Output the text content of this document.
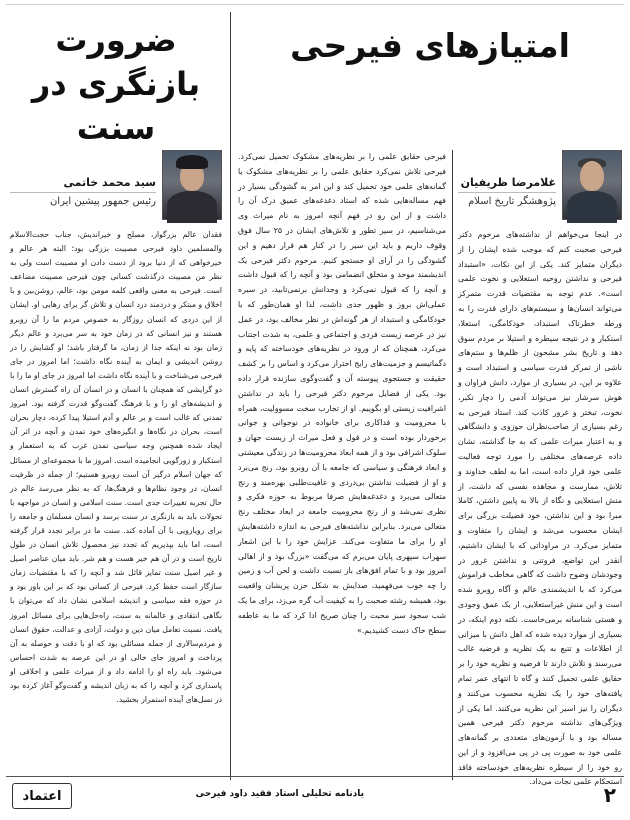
امتیازهای فیرحی
ضرورت بازنگری در سنت
غلامرضا ظریفیان
پژوهشگر تاریخ اسلام
سید محمد خاتمی
رئیس جمهور پیشین ایران

در اینجا می‌خواهم از نداشته‌های مرحوم دکتر فیرحی صحبت کنم که موجب شده ایشان را از دیگران متمایز کند. یکی از این نکات، «استبداد فیرحی و نداشتن روحیه استعلایی و نخوت علمی است». عدم توجه به مقتضیات قدرت متمرکز می‌تواند انسان‌ها و سیستم‌های دارای قدرت را به ورطه خطرناک استبداد، خودکامگی، استعلا، استکبار و در نتیجه سیطره و استیلا بر مردم سوق دهد و تاریخ بشر مشحون از ظلم‌ها و ستم‌های ناشی از تمرکز قدرت سیاسی و استبداد است و علاوه بر این، در بسیاری از موارد، دانش فراوان و هوش سرشار نیز می‌تواند آدمی را دچار تکبر، نخوت، تبختر و غرور کاذب کند. استاد فیرحی به رغم بسیاری از صاحب‌نظران حوزوی و دانشگاهی و به اعتبار میراث علمی که به جا گذاشته، نشان داده عرصه‌های مختلفی را مورد توجه فعالیت علمی خود قرار داده است، اما به لطف خداوند و تلاش، ممارست و مجاهده نفسی که داشت، از منش استعلایی و نگاه از بالا به پایین داشتن، کاملا مبرا بود و این نداشتن، خود فضیلت بزرگی برای ایشان محسوب می‌شد و ایشان را متفاوت و متمایز می‌کرد. در مراوداتی که با ایشان داشتیم، آنقدر این تواضع، فروتنی و نداشتن غرور در وجودشان وضوح داشت که گاهی مخاطب فراموش می‌کرد که با اندیشمندی عالم و آگاه روبرو شده است و این منش غیراستعلایی، از یک عمق وجودی و هستی شناسانه برمی‌خاست. نکته دوم اینکه، در بسیاری از موارد دیده شده که اهل دانش با میزانی از اطلاعات و تتبع به یک نظریه و فرضیه غالب می‌رسند و تلاش دارند تا فرضیه و نظریه خود را بر حقایق علمی تحمیل کنند و گاه تا انتهای عمر تمام یافته‌های خود را یک نظریه محسوب می‌کنند و دیگران را نیز اسیر این نظریه می‌کنند. اما یکی از ویژگی‌های نداشته مرحوم دکتر فیرحی همین مساله بود و با آزمون‌های متعددی بر گمانه‌های علمی خود به صورت پی در پی می‌افزود و از این رو خود را از سیطره نظریه‌های خودساخته فاقد استحکام علمی نجات می‌داد.

فیرحی حقایق علمی را بر نظریه‌های مشکوک تحمیل نمی‌کرد. فیرحی تلاش نمی‌کرد حقایق علمی را بر نظریه‌های مشکوک یا گمانه‌های علمی خود تحمیل کند و این امر به گشودگی بسیار در فهم مساله‌هایی شده که استاد دغدغه‌های عمیق درک آن را داشت و از این رو در فهم آنچه امروز به نام میراث وی می‌شناسیم، در سیر تطور و تلاش‌های ایشان در ۲۵ سال فوق وقوف داریم و باید این سیر را در کنار هم قرار دهیم و این گشودگی را در آرای او جستجو کنیم. مرحوم دکتر فیرحی یک اندیشمند موحد و متخلق انضمامی بود و آنچه را که قبول داشت و آنچه را که قبول نمی‌کرد و وجدانش برنمی‌تابید، در سیره عملی‌اش بروز و ظهور جدی داشت، لذا او همان‌طور که با خودکامگی و استبداد از هر گونه‌اش در نظر مخالف بود، در عمل نیز در عرصه زیست فردی و اجتماعی و علمی، به شدت اجتناب می‌کرد، همچنان که از ورود در نظریه‌های خودساخته که پایه و دگماتیسم و جزمیت‌های رایج احتراز می‌کرد و اساس را بر کشف حقیقت و جستجوی پیوسته آن و گفت‌وگوی سازنده قرار داده بود. یکی از فضایل مرحوم دکتر فیرحی را باید در نداشتن اشرافیت زیستی او بگوییم. او از تجارب سخت مسوولیت، همراه با محرومیت و فداکاری برای خانواده در نوجوانی و جوانی برخوردار بوده است و در قول و فعل میراث از زیست جهان و سلوک اشرافی بود و از همه ابعاد محرومیت‌ها در زندگی معیشتی و ابعاد فرهنگی و سیاسی که جامعه با آن روبرو بود، رنج می‌برد و او از فضیلت نداشتن بی‌دردی و عافیت‌طلبی بهره‌مند و رنج متعالی می‌برد و دغدغه‌هایش صرفا مربوط به حوزه فکری و نظری نمی‌شد و از رنج محرومیت جامعه در ابعاد مختلف رنج متعالی می‌برد. بنابراین نداشته‌های فیرحی به اندازه داشته‌هایش او را برای ما متفاوت می‌کند. عزایش خود را با این اشعار سهراب سپهری پایان می‌برم که می‌گفت «بزرگ بود و از اهالی امروز بود و با تمام افق‌های باز نسبت داشت و لحن آب و زمین را چه خوب می‌فهمید، صدایش به شکل حزن پریشان واقعیت بود، همیشه رشته صحبت را به کیفیت آب گره می‌زد، برای ما یک شب سجود سبز محبت را چنان صریح ادا کرد که ما به عاطفه سطح خاک دست کشیدیم.»

فقدان عالم بزرگوار، مصلح و خیراندیش، جناب حجت‌الاسلام والمسلمین داود فیرحی مصیبت بزرگی بود؛ البته هر عالم و خیرخواهی که از دنیا برود از دست دادن او مصیبت است ولی به نظر من مصیبت درگذشت کسانی چون فیرحی مصیبت مضاعف است. فیرحی به معنی واقعی کلمه مومن بود، عالم، روشن‌بین و با اخلاق و مبتکر و دردمند درد انسان و تلاش گر برای رهایی او. ایشان از این دردی که انسان روزگار به خصوص مردم ما را آن روبرو هستند و نیز انسانی که در زمان خود به سر می‌برد و عالم دیگر زمان بود نه اینکه جدا از زمان، ما گرفتار باشد؛ او گشایش را در روشن اندیشی و ایمان به آینده نگاه داشت؛ اما امروز در جای فیرحی می‌شناخت و با آینده نگاه داشت اما امروز در جای او ما را با دو گرایشی که همچنان با انسان و در انسان آن راه گسترش انسان و اندیشه‌های او را و با فرهنگ گفت‌وگو قدرت گرفته بود. امروز تمدنی که غالب است و بر عالم و آدم استیلا پیدا کرده، دچار بحران است، بحران در نگاه‌ها و انگیزه‌های خود تمدن و آنچه در اثر آن ایجاد شده همچنین وجه سیاسی تمدن غرب که به استعمار و استکبار و زورگویی انجامیده است. امروز ما با مجموعه‌ای از مسائل که جهان اسلام درگیر آن است روبرو هستیم؛ از جمله در ظرفیت انسان، در وجود نظام‌ها و فرهنگ‌ها، که به نظر می‌رسد عالم در حال تجربه تغییرات جدی است. سنت اسلامی و انسان در مواجهه با تحولات باید به بازنگری در سنت برسد و انسان مسلمان و جامعه را برای رویارویی با آن آماده کند. سنت ما در برابر تجدد قرار گرفته است، اما باید بپذیریم که تجدد نیز محصول تلاش انسان در طول تاریخ است و در آن هم خیر هست و هم شر. باید میان عناصر اصیل و غیر اصیل سنت تمایز قائل شد و آنچه را که با مقتضیات زمان سازگار است حفظ کرد. فیرحی از کسانی بود که بر این باور بود و در حوزه فقه سیاسی و اندیشه اسلامی نشان داد که می‌توان با نگاهی انتقادی و عالمانه به سنت، راه‌حل‌هایی برای مسائل امروز یافت. نسبت تعامل میان دین و دولت، آزادی و عدالت، حقوق انسان و مردم‌سالاری از جمله مسائلی بود که او با دقت و حوصله به آن پرداخت و امروز جای خالی او در این عرصه به شدت احساس می‌شود. باید راه او را ادامه داد و از میراث علمی و اخلاقی او پاسداری کرد و آنچه را که به زبان اندیشه و گفت‌وگو آغاز کرده بود در نسل‌های آینده استمرار بخشید.

۲
یادنامه تحلیلی استاد فقید داود فیرحی
اعتماد
